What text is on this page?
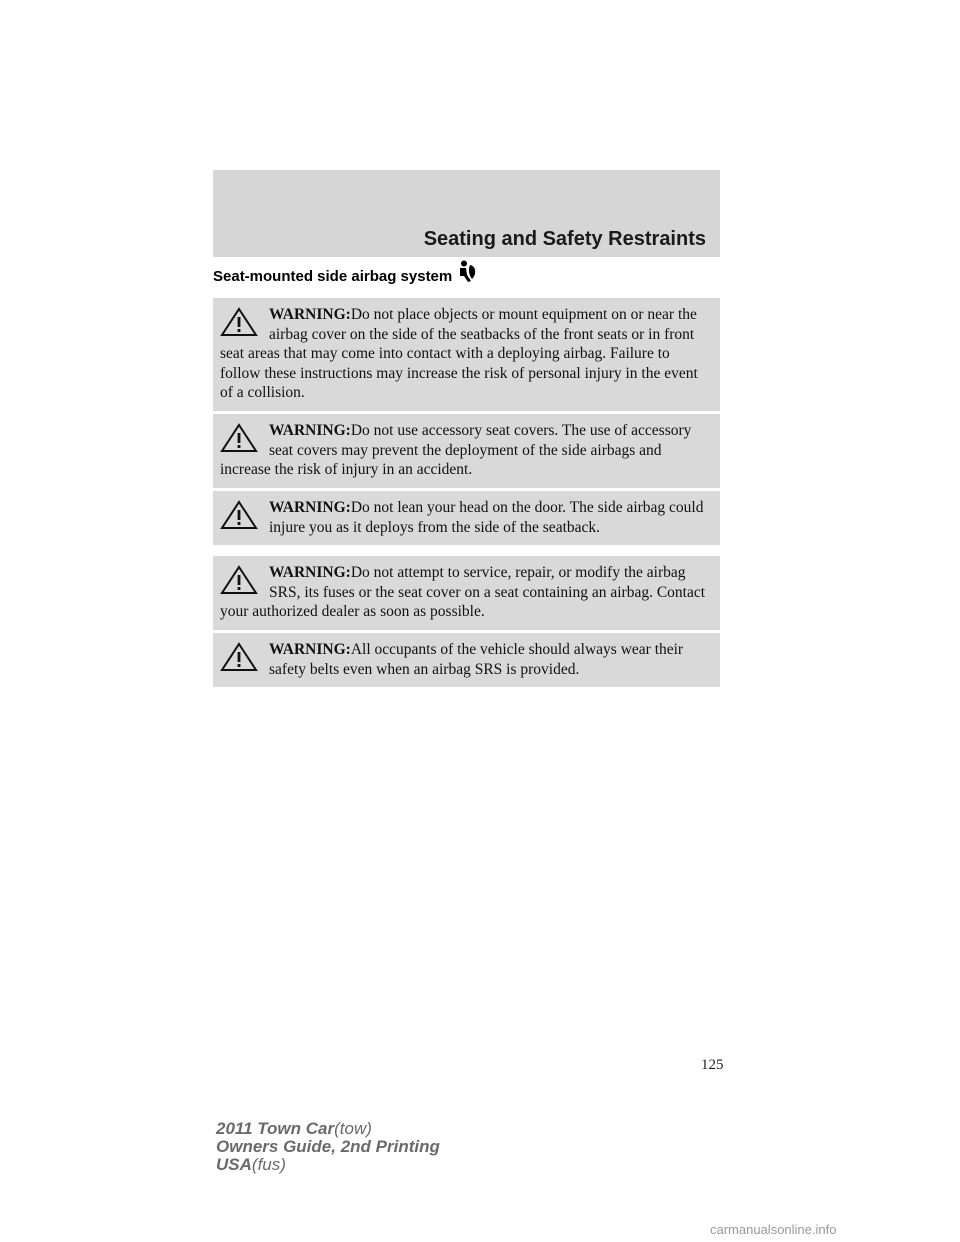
Seating and Safety Restraints
Seat-mounted side airbag system
WARNING:Do not place objects or mount equipment on or near the airbag cover on the side of the seatbacks of the front seats or in front seat areas that may come into contact with a deploying airbag. Failure to follow these instructions may increase the risk of personal injury in the event of a collision.
WARNING:Do not use accessory seat covers. The use of accessory seat covers may prevent the deployment of the side airbags and increase the risk of injury in an accident.
WARNING:Do not lean your head on the door. The side airbag could injure you as it deploys from the side of the seatback.
WARNING:Do not attempt to service, repair, or modify the airbag SRS, its fuses or the seat cover on a seat containing an airbag. Contact your authorized dealer as soon as possible.
WARNING:All occupants of the vehicle should always wear their safety belts even when an airbag SRS is provided.
125
2011 Town Car(tow)
Owners Guide, 2nd Printing
USA(fus)
carmanualsonline.info
